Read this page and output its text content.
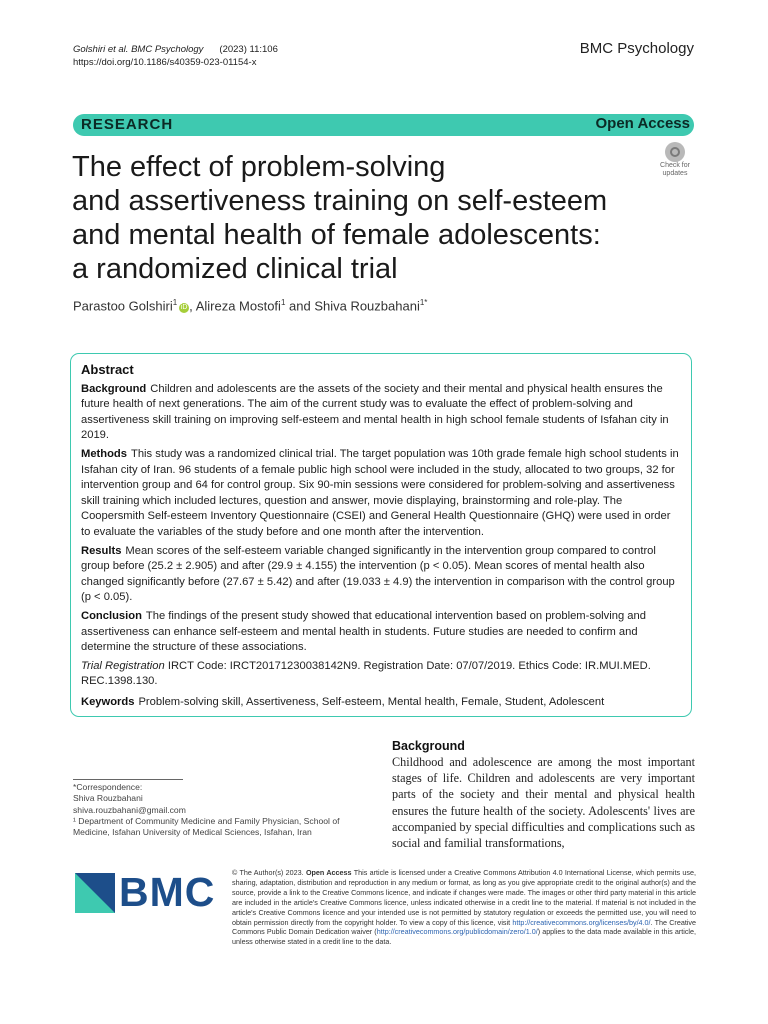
Golshiri et al. BMC Psychology (2023) 11:106
https://doi.org/10.1186/s40359-023-01154-x
BMC Psychology
RESEARCH	Open Access
The effect of problem-solving
and assertiveness training on self-esteem
and mental health of female adolescents:
a randomized clinical trial
Check for
updates
Parastoo Golshiri$^1$iD , Alireza Mostofi$^1$ and Shiva Rouzbahani$^{1*}$
Abstract

Background Children and adolescents are the assets of the society and their mental and physical health ensures the future health of next generations. The aim of the current study was to evaluate the effect of problem-solving and assertiveness skill training on improving self-esteem and mental health in high school female students of Isfahan city in 2019.

Methods This study was a randomized clinical trial. The target population was 10th grade female high school students in Isfahan city of Iran. 96 students of a female public high school were included in the study, allocated to two groups, 32 for intervention group and 64 for control group. Six 90-min sessions were considered for problem-solving and assertiveness skill training which included lectures, question and answer, movie displaying, brainstorming and role-play. The Coopersmith Self-esteem Inventory Questionnaire (CSEI) and General Health Questionnaire (GHQ) were used in order to evaluate the variables of the study before and one month after the intervention.

Results Mean scores of the self-esteem variable changed significantly in the intervention group compared to control group before (25.2 ± 2.905) and after (29.9 ± 4.155) the intervention (p < 0.05). Mean scores of mental health also changed significantly before (27.67 ± 5.42) and after (19.033 ± 4.9) the intervention in comparison with the control group (p < 0.05).

Conclusion The findings of the present study showed that educational intervention based on problem-solving and assertiveness can enhance self-esteem and mental health in students. Future studies are needed to confirm and determine the structure of these associations.

Trial Registration IRCT Code: IRCT20171230038142N9. Registration Date: 07/07/2019. Ethics Code: IR.MUI.MED. REC.1398.130.

Keywords Problem-solving skill, Assertiveness, Self-esteem, Mental health, Female, Student, Adolescent

*Correspondence:
Shiva Rouzbahani
shiva.rouzbahani@gmail.com
¹ Department of Community Medicine and Family Physician, School of Medicine, Isfahan University of Medical Sciences, Isfahan, Iran
Background

Childhood and adolescence are among the most important stages of life. Children and adolescents are very important parts of the society and their mental and physical health ensures the future health of the society. Adolescents' lives are accompanied by special difficulties and complications such as social and familial transformations,

BMC © The Author(s) 2023. Open Access This article is licensed under a Creative Commons Attribution 4.0 International License, which permits use, sharing, adaptation, distribution and reproduction in any medium or format, as long as you give appropriate credit to the original author(s) and the source, provide a link to the Creative Commons licence, and indicate if changes were made. The images or other third party material in this article are included in the article's Creative Commons licence, unless indicated otherwise in a credit line to the material. If material is not included in the article's Creative Commons licence and your intended use is not permitted by statutory regulation or exceeds the permitted use, you will need to obtain permission directly from the copyright holder. To view a copy of this licence, visit http://creativecommons.org/licenses/by/4.0/. The Creative Commons Public Domain Dedication waiver (http://creativecommons.org/publicdomain/zero/1.0/) applies to the data made available in this article, unless otherwise stated in a credit line to the data.
